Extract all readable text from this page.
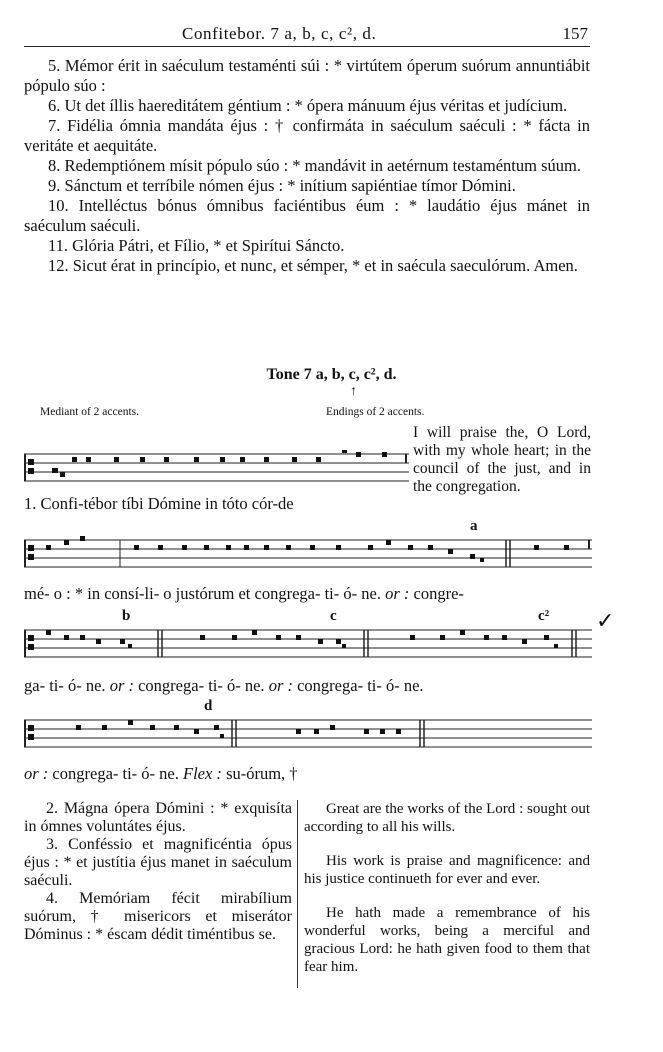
Confitebor. 7 a, b, c, c², d.	157

5. Mémor érit in saéculum testaménti súi : * virtútem óperum suórum annuntiábit pópulo súo :

6. Ut det íllis haereditátem géntium : * ópera mánuum éjus véritas et judícium.

7. Fidélia ómnia mandáta éjus : † confirmáta in saéculum saéculi : * fácta in veritáte et aequitáte.

8. Redemptiónem mísit pópulo súo : * mandávit in aetérnum testaméntum súum.

9. Sánctum et terríbile nómen éjus : * inítium sapiéntiae tímor Dómini.

10. Intelléctus bónus ómnibus faciéntibus éum : * laudátio éjus mánet in saéculum saéculi.

11. Glória Pátri, et Fílio, * et Spirítui Sáncto.

12. Sicut érat in princípio, et nunc, et sémper, * et in saécula saeculórum. Amen.

Tone 7 a, b, c, c², d.
↑
Mediant of 2 accents.	Endings of 2 accents.
I will praise the, O Lord, with my whole heart; in the council of the just, and in the congregation.
1. Confi-tébor tíbi Dómine in tóto cór-de
a
mé- o : * in consí-li- o justórum et congrega- ti- ó- ne. or : congre-
b	c	c² ✓
ga- ti- ó- ne. or : congrega- ti- ó- ne. or : congrega- ti- ó- ne.
d
or : congrega- ti- ó- ne. Flex : su-órum, †

2. Mágna ópera Dómini : * exquisíta in ómnes voluntátes éjus.

3. Conféssio et magnificéntia ópus éjus : * et justítia éjus manet in saéculum saéculi.

4. Memóriam fécit mirabílium suórum, † misericors et miserátor Dóminus : * éscam dédit timéntibus se.

Great are the works of the Lord : sought out according to all his wills.

His work is praise and magnificence: and his justice continueth for ever and ever.

He hath made a remembrance of his wonderful works, being a merciful and gracious Lord: he hath given food to them that fear him.
